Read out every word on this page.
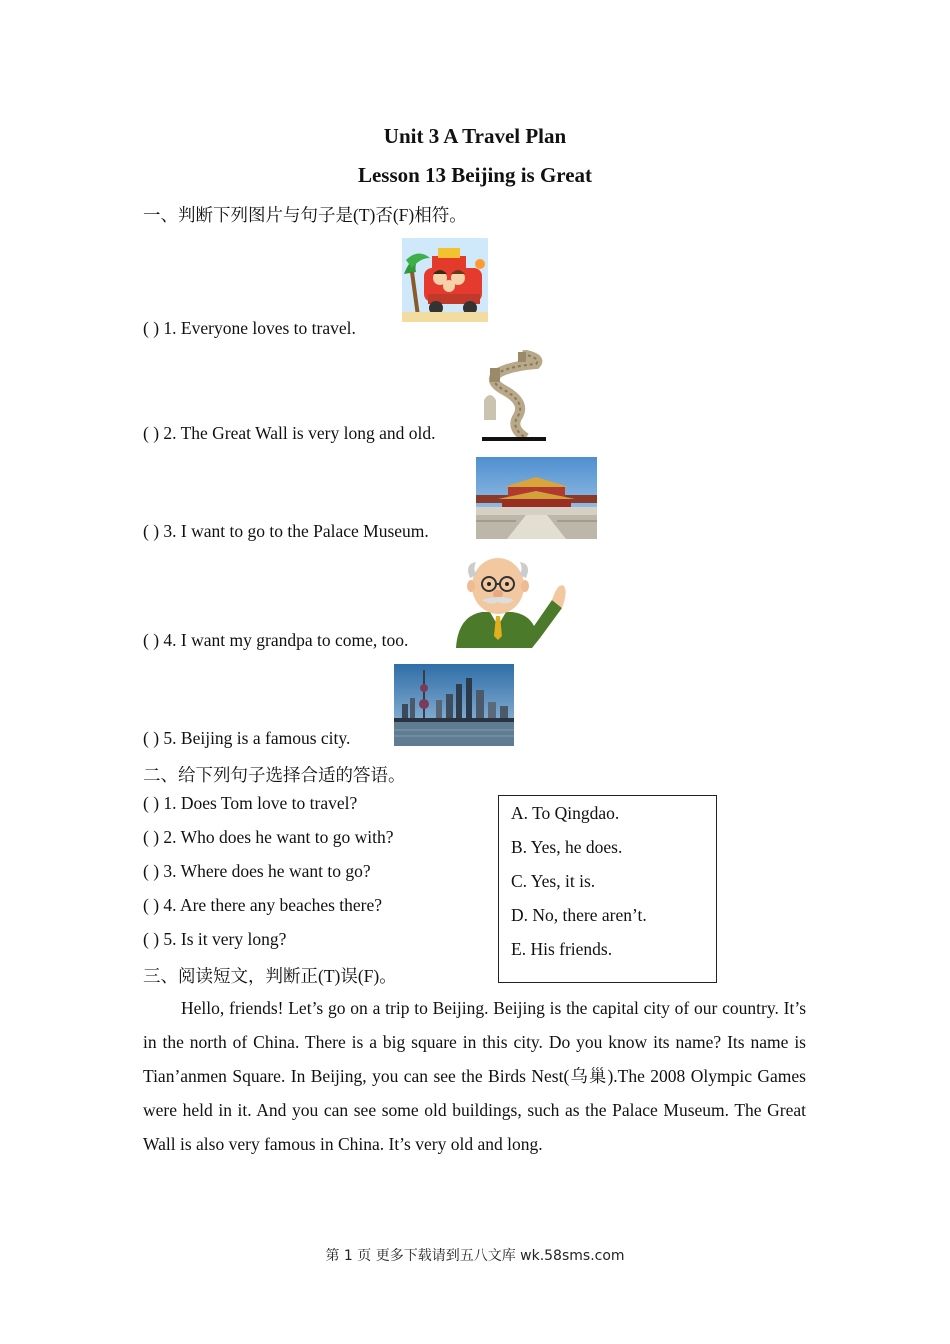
Unit 3 A Travel Plan
Lesson 13 Beijing is Great
一、判断下列图片与句子是(T)否(F)相符。
( ) 1. Everyone loves to travel.
( ) 2. The Great Wall is very long and old.
( ) 3. I want to go to the Palace Museum.
( ) 4. I want my grandpa to come, too.
( ) 5. Beijing is a famous city.
二、给下列句子选择合适的答语。
( ) 1. Does Tom love to travel?
( ) 2. Who does he want to go with?
( ) 3. Where does he want to go?
( ) 4. Are there any beaches there?
( ) 5. Is it very long?
A. To Qingdao.
B. Yes, he does.
C. Yes, it is.
D. No, there aren’t.
E. His friends.
三、阅读短文，判断正(T)误(F)。
Hello, friends! Let’s go on a trip to Beijing. Beijing is the capital city of our country. It’s in the north of China. There is a big square in this city. Do you know its name? Its name is Tian’anmen Square. In Beijing, you can see the Birds Nest(乌巢).The 2008 Olympic Games were held in it. And you can see some old buildings, such as the Palace Museum. The Great Wall is also very famous in China. It’s very old and long.
第 1 页 更多下载请到五八文库 wk.58sms.com
